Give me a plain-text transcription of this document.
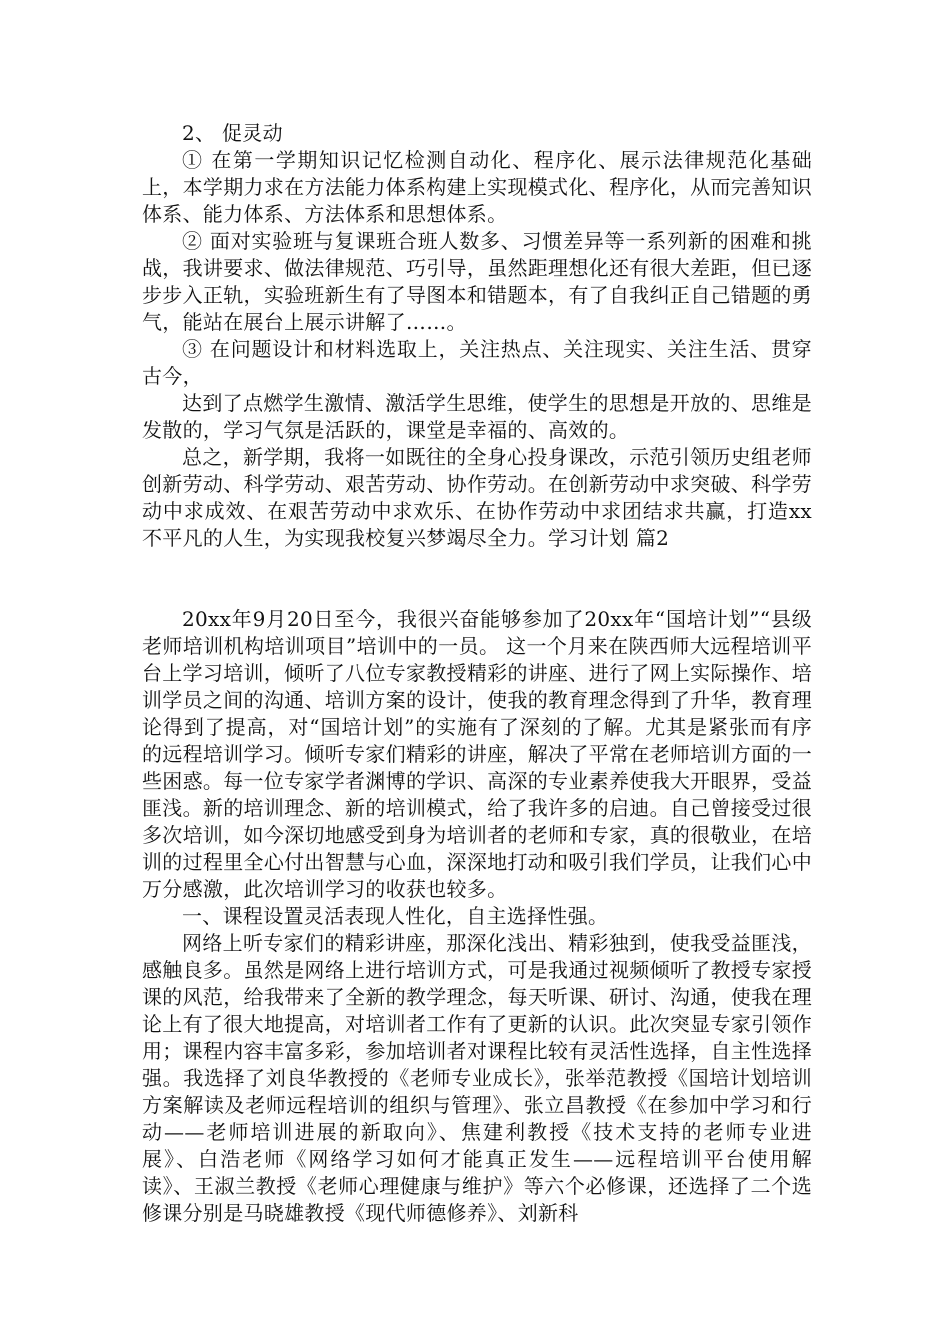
2、 促灵动

① 在第一学期知识记忆检测自动化、程序化、展示法律规范化基础上，本学期力求在方法能力体系构建上实现模式化、程序化，从而完善知识体系、能力体系、方法体系和思想体系。

② 面对实验班与复课班合班人数多、习惯差异等一系列新的困难和挑战，我讲要求、做法律规范、巧引导，虽然距理想化还有很大差距，但已逐步步入正轨，实验班新生有了导图本和错题本，有了自我纠正自己错题的勇气，能站在展台上展示讲解了……。

③ 在问题设计和材料选取上，关注热点、关注现实、关注生活、贯穿古今，

达到了点燃学生激情、激活学生思维，使学生的思想是开放的、思维是发散的，学习气氛是活跃的，课堂是幸福的、高效的。

总之，新学期，我将一如既往的全身心投身课改，示范引领历史组老师创新劳动、科学劳动、艰苦劳动、协作劳动。在创新劳动中求突破、科学劳动中求成效、在艰苦劳动中求欢乐、在协作劳动中求团结求共赢，打造xx不平凡的人生，为实现我校复兴梦竭尽全力。学习计划 篇2

20xx年9月20日至今，我很兴奋能够参加了20xx年“国培计划”“县级老师培训机构培训项目”培训中的一员。 这一个月来在陕西师大远程培训平台上学习培训，倾听了八位专家教授精彩的讲座、进行了网上实际操作、培训学员之间的沟通、培训方案的设计，使我的教育理念得到了升华，教育理论得到了提高，对“国培计划”的实施有了深刻的了解。尤其是紧张而有序的远程培训学习。倾听专家们精彩的讲座，解决了平常在老师培训方面的一些困惑。每一位专家学者渊博的学识、高深的专业素养使我大开眼界，受益匪浅。新的培训理念、新的培训模式，给了我许多的启迪。自己曾接受过很多次培训，如今深切地感受到身为培训者的老师和专家，真的很敬业，在培训的过程里全心付出智慧与心血，深深地打动和吸引我们学员，让我们心中万分感激，此次培训学习的收获也较多。

一、课程设置灵活表现人性化，自主选择性强。

网络上听专家们的精彩讲座，那深化浅出、精彩独到，使我受益匪浅，感触良多。虽然是网络上进行培训方式，可是我通过视频倾听了教授专家授课的风范，给我带来了全新的教学理念，每天听课、研讨、沟通，使我在理论上有了很大地提高，对培训者工作有了更新的认识。此次突显专家引领作用；课程内容丰富多彩，参加培训者对课程比较有灵活性选择，自主性选择强。我选择了刘良华教授的《老师专业成长》，张举范教授《国培计划培训方案解读及老师远程培训的组织与管理》、张立昌教授《在参加中学习和行动——老师培训进展的新取向》、焦建利教授《技术支持的老师专业进展》、白浩老师《网络学习如何才能真正发生——远程培训平台使用解读》、王淑兰教授《老师心理健康与维护》等六个必修课，还选择了二个选修课分别是马晓雄教授《现代师德修养》、刘新科
